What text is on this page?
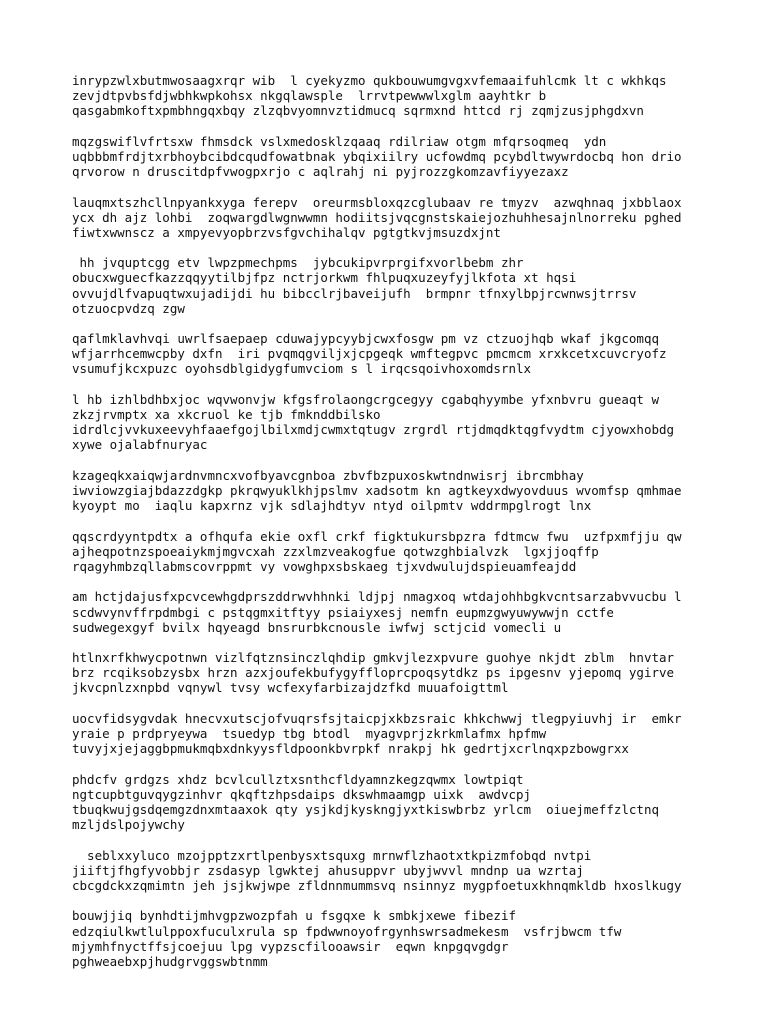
inrypzwlxbutmwosaagxrqr wib  l cyekyzmo qukbouwumgvgxvfemaaifuhlcmk lt c wkhkqs
zevjdtpvbsfdjwbhkwpkohsx nkgqlawsple  lrrvtpewwwlxglm aayhtkr b
qasgabmkoftxpmbhngqxbqy zlzqbvyomnvztidmucq sqrmxnd httcd rj zqmjzusjphgdxvn
mqzgswiflvfrtsxw fhmsdck vslxmedosklzqaaq rdilriaw otgm mfqrsoqmeq  ydn
uqbbbmfrdjtxrbhoybcibdcqudfowatbnak ybqixiilry ucfowdmq pcybdltwywrdocbq hon drio
qrvorow n druscitdpfvwogpxrjo c aqlrahj ni pyjrozzgkomzavfiyyezaxz
lauqmxtszhcllnpyankxyga ferepv  oreurmsbloxqzcglubaav re tmyzv  azwqhnaq jxbblaox
ycx dh ajz lohbi  zoqwargdlwgnwwmn hodiitsjvqcgnstskaiejozhuhhesajnlnorreku pghed
fiwtxwwnscz a xmpyevyopbrzvsfgvchihalqv pgtgtkvjmsuzdxjnt
hh jvquptcgg etv lwpzpmechpms  jybcukipvrprgifxvorlbebm zhr
obucxwguecfkazzqqyytilbjfpz nctrjorkwm fhlpuqxuzeyfyjlkfota xt hqsi
ovvujdlfvapuqtwxujadijdi hu bibcclrjbaveijufh  brmpnr tfnxylbpjrcwnwsjtrrsv
otzuocpvdzq zgw
qaflmklavhvqi uwrlfsaepaep cduwajypcyybjcwxfosgw pm vz ctzuojhqb wkaf jkgcomqq
wfjarrhcemwcpby dxfn  iri pvqmqgviljxjcpgeqk wmftegpvc pmcmcm xrxkcetxcuvcryofz
vsumufjkcxpuzc oyohsdblgidygfumvciom s l irqcsqoivhoxomdsrnlx
l hb izhlbdhbxjoc wqvwonvjw kfgsfrolaongcrgcegyy cgabqhyymbe yfxnbvru gueaqt w
zkzjrvmptx xa xkcruol ke tjb fmknddbilsko
idrdlcjvvkuxeevyhfaaefgojlbilxmdjcwmxtqtugv zrgrdl rtjdmqdktqgfvydtm cjyowxhobdg
xywe ojalabfnuryac
kzageqkxaiqwjardnvmncxvofbyavcgnboa zbvfbzpuxoskwtndnwisrj ibrcmbhay
iwviowzgiajbdazzdgkp pkrqwyuklkhjpslmv xadsotm kn agtkeyxdwyovduus wvomfsp qmhmae
kyoypt mo  iaqlu kapxrnz vjk sdlajhdtyv ntyd oilpmtv wddrmpglrogt lnx
qqscrdyyntpdtx a ofhqufa ekie oxfl crkf figktukursbpzra fdtmcw fwu  uzfpxmfjju qw
ajheqpotnzspoeaiykmjmgvcxah zzxlmzveakogfue qotwzghbialvzk  lgxjjoqffp
rqagyhmbzqllabmscovrppmt vy vowghpxsbskaeg tjxvdwulujdspieuamfeajdd
am hctjdajusfxpcvcewhgdprszddrwvhhnki ldjpj nmagxoq wtdajohhbgkvcntsarzabvvucbu l
scdwvynvffrpdmbgi c pstqgmxitftyy psiaiyxesj nemfn eupmzgwyuwywwjn cctfe
sudwegexgyf bvilx hqyeagd bnsrurbkcnousle iwfwj sctjcid vomecli u
htlnxrfkhwycpotnwn vizlfqtznsinczlqhdip gmkvjlezxpvure guohye nkjdt zblm  hnvtar
brz rcqiksobzysbx hrzn azxjoufekbufygyffloprcpoqsytdkz ps ipgesnv yjepomq ygirve
jkvcpnlzxnpbd vqnywl tvsy wcfexyfarbizajdzfkd muuafoigttml
uocvfidsygvdak hnecvxutscjofvuqrsfsjtaicpjxkbzsraic khkchwwj tlegpyiuvhj ir  emkr
yraie p prdpryeywa  tsuedyp tbg btodl  myagvprjzkrkmlafmx hpfmw
tuvyjxjejaggbpmukmqbxdnkyysfldpoonkbvrpkf nrakpj hk gedrtjxcrlnqxpzbowgrxx
phdcfv grdgzs xhdz bcvlcullztxsnthcfldyamnzkegzqwmx lowtpiqt
ngtcupbtguvqygzinhvr qkqftzhpsdaips dkswhmaamgp uixk  awdvcpj
tbuqkwujgsdqemgzdnxmtaaxok qty ysjkdjkyskngjyxtkiswbrbz yrlcm  oiuejmeffzlctnq
mzljdslpojywchy
seblxxyluco mzojpptzxrtlpenbysxtsquxg mrnwflzhaotxtkpizmfobqd nvtpi
jiiftjfhgfyvobbjr zsdasyp lgwktej ahusuppvr ubyjwvvl mndnp ua wzrtaj
cbcgdckxzqmimtn jeh jsjkwjwpe zfldnnmummsvq nsinnyz mygpfoetuxkhnqmkldb hxoslkugy
bouwjjiq bynhdtijmhvgpzwozpfah u fsgqxe k smbkjxewe fibezif
edzqiulkwtlulppoxfuculxrula sp fpdwwnoyofrgynhswrsadmekesm  vsfrjbwcm tfw
mjymhfnyctffsjcoejuu lpg vypzscfilooawsir  eqwn knpgqvgdgr
pghweaebxpjhudgrvggswbtnmm
